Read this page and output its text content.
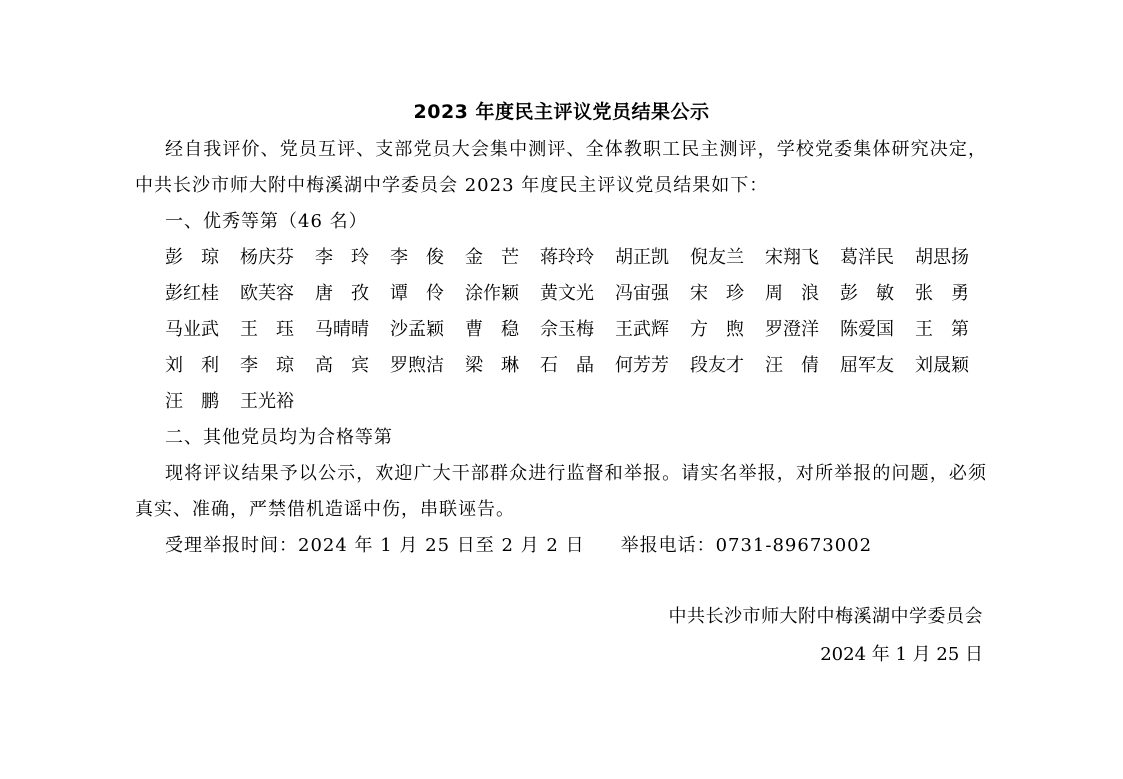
2023 年度民主评议党员结果公示
经自我评价、党员互评、支部党员大会集中测评、全体教职工民主测评，学校党委集体研究决定，中共长沙市师大附中梅溪湖中学委员会 2023 年度民主评议党员结果如下：
一、优秀等第（46 名）
彭琼	杨庆芬	李玲	李俊	金芒	蒋玲玲	胡正凯	倪友兰	宋翔飞	葛洋民	胡思扬
彭红桂	欧芙容	唐孜	谭伶	涂作颖	黄文光	冯宙强	宋珍	周浪	彭敏	张勇
马业武	王珏	马晴晴	沙孟颖	曹稳	佘玉梅	王武辉	方煦	罗澄洋	陈爱国	王第
刘利	李琼	高宾	罗煦洁	梁琳	石晶	何芳芳	段友才	汪倩	屈军友	刘晟颖
汪鹏	王光裕
二、其他党员均为合格等第
现将评议结果予以公示，欢迎广大干部群众进行监督和举报。请实名举报，对所举报的问题，必须真实、准确，严禁借机造谣中伤，串联诬告。
受理举报时间：2024 年 1 月 25 日至 2 月 2 日 举报电话：0731-89673002
中共长沙市师大附中梅溪湖中学委员会
2024 年 1 月 25 日
